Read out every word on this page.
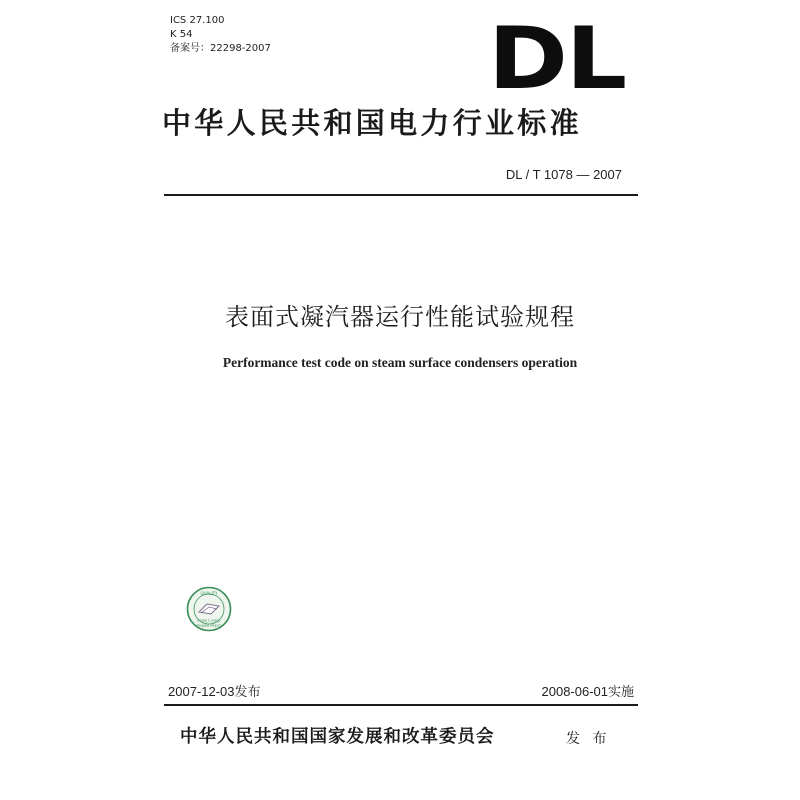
ICS 27.100
K 54
备案号：22298-2007	DL
中华人民共和国电力行业标准
DL / T 1078 — 2007
表面式凝汽器运行性能试验规程
Performance test code on steam surface condensers operation
QUALITY
中国电力出版社
POWER PRESS
2007-12-03发布	2008-06-01实施
中华人民共和国国家发展和改革委员会	发 布
